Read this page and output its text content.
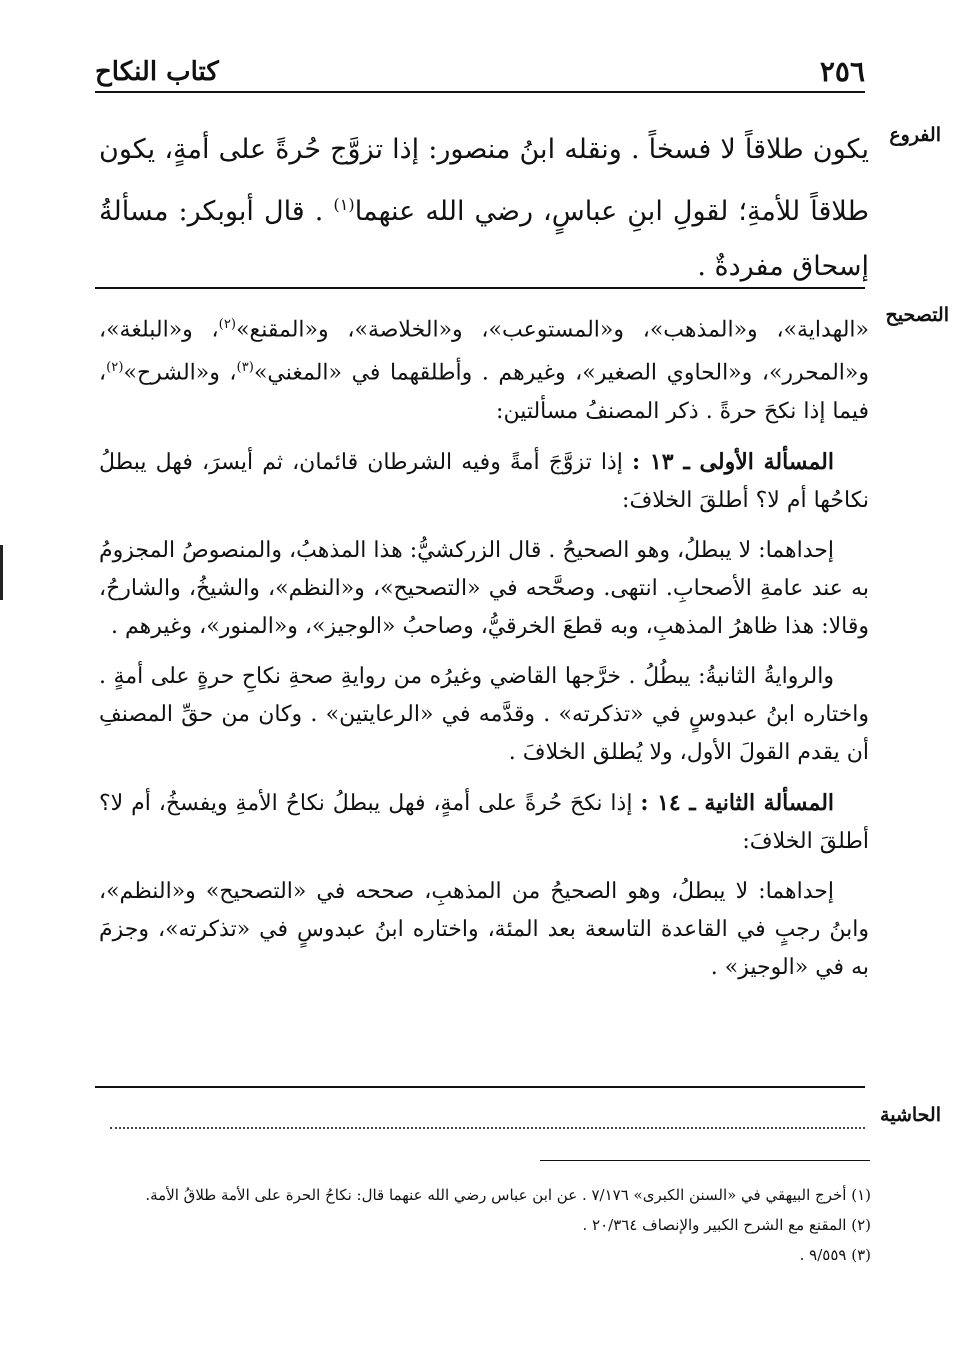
٢٥٦
كتاب النكاح
الفروع
يكون طلاقاً لا فسخاً . ونقله ابنُ منصور: إذا تزوَّج حُرةً على أمةٍ، يكون طلاقاً للأمةِ؛ لقولِ ابنِ عباسٍ، رضي الله عنهما$^{(١)}$ . قال أبوبكر: مسألةُ إسحاق مفردةٌ .
التصحيح

«الهداية»، و«المذهب»، و«المستوعب»، و«الخلاصة»، و«المقنع»$^{(٢)}$، و«البلغة»، و«المحرر»، و«الحاوي الصغير»، وغيرهم . وأطلقهما في «المغني»$^{(٣)}$، و«الشرح»$^{(٢)}$، فيما إذا نكحَ حرةً . ذكر المصنفُ مسألتين:

المسألة الأولى ـ ١٣ : إذا تزوَّجَ أمةً وفيه الشرطان قائمان، ثم أيسرَ، فهل يبطلُ نكاحُها أم لا؟ أطلقَ الخلافَ:

إحداهما: لا يبطلُ، وهو الصحيحُ . قال الزركشيُّ: هذا المذهبُ، والمنصوصُ المجزومُ به عند عامةِ الأصحابِ. انتهى. وصحَّحه في «التصحيح»، و«النظم»، والشيخُ، والشارحُ، وقالا: هذا ظاهرُ المذهبِ، وبه قطعَ الخرقيُّ، وصاحبُ «الوجيز»، و«المنور»، وغيرهم .

والروايةُ الثانيةُ: يبطُلُ . خرَّجها القاضي وغيرُه من روايةِ صحةِ نكاحِ حرةٍ على أمةٍ . واختاره ابنُ عبدوسٍ في «تذكرته» . وقدَّمه في «الرعايتين» . وكان من حقِّ المصنفِ أن يقدم القولَ الأول، ولا يُطلق الخلافَ .

المسألة الثانية ـ ١٤ : إذا نكحَ حُرةً على أمةٍ، فهل يبطلُ نكاحُ الأمةِ ويفسخُ، أم لا؟ أطلقَ الخلافَ:

إحداهما: لا يبطلُ، وهو الصحيحُ من المذهبِ، صححه في «التصحيح» و«النظم»، وابنُ رجبٍ في القاعدة التاسعة بعد المئة، واختاره ابنُ عبدوسٍ في «تذكرته»، وجزمَ به في «الوجيز» .

الحاشية
(١) أخرج البيهقي في «السنن الكبرى» ٧/١٧٦ . عن ابن عباس رضي الله عنهما قال: نكاحُ الحرة على الأمة طلاقُ الأمة.
(٢) المقنع مع الشرح الكبير والإنصاف ٢٠/٣٦٤ .
(٣) ٩/٥٥٩ .
